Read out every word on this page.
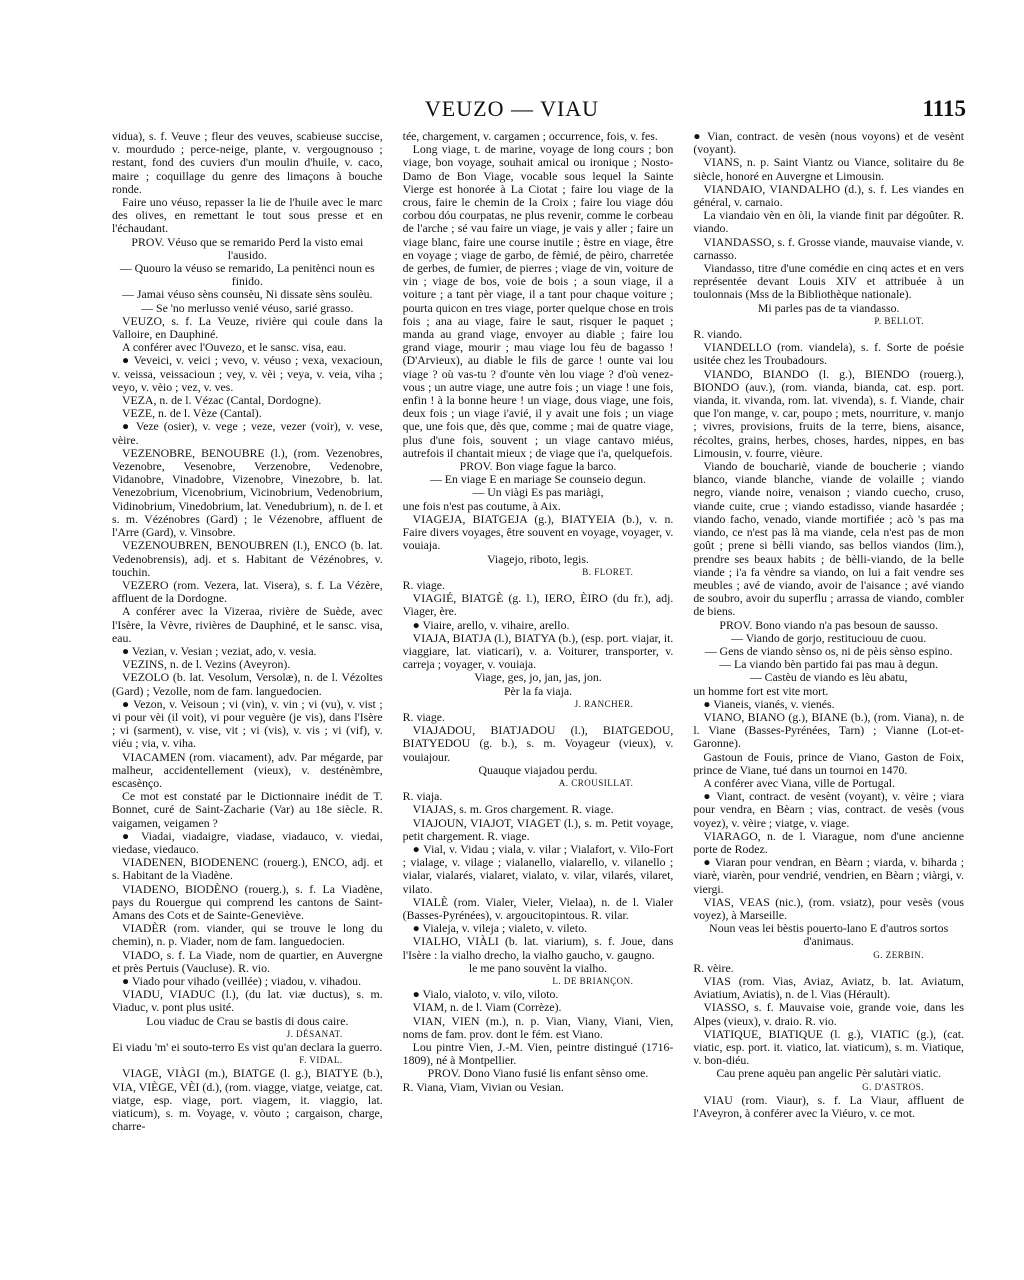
VEUZO — VIAU	1115

vidua), s. f. Veuve ; fleur des veuves, scabieuse succise, v. mourdudo ; perce-neige, plante, v. vergougnouso ; restant, fond des cuviers d'un moulin d'huile, v. caco, maire ; coquillage du genre des limaçons à bouche ronde.

Faire uno véuso, repasser la lie de l'huile avec le marc des olives, en remettant le tout sous presse et en l'échaudant.

PROV. Véuso que se remarido Perd la visto emai l'ausido.

— Quouro la véuso se remarido, La penitènci noun es finido.

— Jamai véuso sèns counsèu, Ni dissate sèns soulèu.

— Se 'no merlusso venié véuso, sarié grasso.

VEUZO, s. f. La Veuze, rivière qui coule dans la Valloire, en Dauphiné.

A conférer avec l'Ouvezo, et le sansc. visa, eau.

● Veveici, v. veici ; vevo, v. véuso ; vexa, vexacioun, v. veissa, veissacioun ; vey, v. vèi ; veya, v. veia, viha ; veyo, v. vèio ; vez, v. ves.

VEZA, n. de l. Vézac (Cantal, Dordogne).

VEZE, n. de l. Vèze (Cantal).

● Veze (osier), v. vege ; veze, vezer (voir), v. vese, vèire.

VEZENOBRE, BENOUBRE (l.), (rom. Vezenobres, Vezenobre, Vesenobre, Verzenobre, Vedenobre, Vidanobre, Vinadobre, Vizenobre, Vinezobre, b. lat. Venezobrium, Vicenobrium, Vicinobrium, Vedenobrium, Vidinobrium, Vinedobrium, lat. Venedubrium), n. de l. et s. m. Vézénobres (Gard) ; le Vézenobre, affluent de l'Arre (Gard), v. Vinsobre.

VEZENOUBREN, BENOUBREN (l.), ENCO (b. lat. Vedenobrensis), adj. et s. Habitant de Vézénobres, v. touchin.

VEZERO (rom. Vezera, lat. Visera), s. f. La Vézère, affluent de la Dordogne.

A conférer avec la Vizeraa, rivière de Suède, avec l'Isère, la Vèvre, rivières de Dauphiné, et le sansc. visa, eau.

● Vezian, v. Vesian ; veziat, ado, v. vesia.

VEZINS, n. de l. Vezins (Aveyron).

VEZOLO (b. lat. Vesolum, Versolæ), n. de l. Vézoltes (Gard) ; Vezolle, nom de fam. languedocien.

● Vezon, v. Veisoun ; vi (vin), v. vin ; vi (vu), v. vist ; vi pour vèi (il voit), vi pour veguère (je vis), dans l'Isère ; vi (sarment), v. vise, vit ; vi (vis), v. vis ; vi (vif), v. viéu ; via, v. viha.

VIACAMEN (rom. viacament), adv. Par mégarde, par malheur, accidentellement (vieux), v. desténèmbre, escasènço.

Ce mot est constaté par le Dictionnaire inédit de T. Bonnet, curé de Saint-Zacharie (Var) au 18e siècle. R. vaigamen, veigamen ?

● Viadai, viadaigre, viadase, viadauco, v. viedai, viedase, viedauco.

VIADENEN, BIODENENC (rouerg.), ENCO, adj. et s. Habitant de la Viadène.

VIADENO, BIODÈNO (rouerg.), s. f. La Viadène, pays du Rouergue qui comprend les cantons de Saint-Amans des Cots et de Sainte-Geneviève.

VIADÈR (rom. viander, qui se trouve le long du chemin), n. p. Viader, nom de fam. languedocien.

VIADO, s. f. La Viade, nom de quartier, en Auvergne et près Pertuis (Vaucluse). R. vio.

● Viado pour vihado (veillée) ; viadou, v. vihadou.

VIADU, VIADUC (l.), (du lat. viæ ductus), s. m. Viaduc, v. pont plus usité.

Lou viaduc de Crau se bastis di dous caire.

J. DÉSANAT.

Ei viadu 'm' ei souto-terro Es vist qu'an declara la guerro.

F. VIDAL.

VIAGE, VIÀGI (m.), BIATGE (l. g.), BIATYE (b.), VIA, VIÈGE, VÈI (d.), (rom. viagge, viatge, veiatge, cat. viatge, esp. viage, port. viagem, it. viaggio, lat. viaticum), s. m. Voyage, v. vòuto ; cargaison, charge, charre-

tée, chargement, v. cargamen ; occurrence, fois, v. fes.

Long viage, t. de marine, voyage de long cours ; bon viage, bon voyage, souhait amical ou ironique ; Nosto-Damo de Bon Viage, vocable sous lequel la Sainte Vierge est honorée à La Ciotat ; faire lou viage de la crous, faire le chemin de la Croix ; faire lou viage dóu corbou dóu courpatas, ne plus revenir, comme le corbeau de l'arche ; sé vau faire un viage, je vais y aller ; faire un viage blanc, faire une course inutile ; èstre en viage, être en voyage ; viage de garbo, de fèmié, de pèiro, charretée de gerbes, de fumier, de pierres ; viage de vin, voiture de vin ; viage de bos, voie de bois ; a soun viage, il a voiture ; a tant pèr viage, il a tant pour chaque voiture ; pourta quicon en tres viage, porter quelque chose en trois fois ; ana au viage, faire le saut, risquer le paquet ; manda au grand viage, envoyer au diable ; faire lou grand viage, mourir ; mau viage lou fèu de bagasso ! (D'Arvieux), au diable le fils de garce ! ounte vai lou viage ? où vas-tu ? d'ounte vèn lou viage ? d'où venez-vous ; un autre viage, une autre fois ; un viage ! une fois, enfin ! à la bonne heure ! un viage, dous viage, une fois, deux fois ; un viage i'avié, il y avait une fois ; un viage que, une fois que, dès que, comme ; mai de quatre viage, plus d'une fois, souvent ; un viage cantavo miéus, autrefois il chantait mieux ; de viage que i'a, quelquefois.

PROV. Bon viage fague la barco.

— En viage E en mariage Se counseio degun.

— Un viàgi Es pas mariàgi,

une fois n'est pas coutume, à Aix.

VIAGEJA, BIATGEJA (g.), BIATYEIA (b.), v. n. Faire divers voyages, être souvent en voyage, voyager, v. vouiaja.

Viagejo, riboto, legis.

B. FLORET.

R. viage.

VIAGIÉ, BIATGÈ (g. l.), IERO, ÈIRO (du fr.), adj. Viager, ère.

● Viaire, arello, v. vihaire, arello.

VIAJA, BIATJA (l.), BIATYA (b.), (esp. port. viajar, it. viaggiare, lat. viaticari), v. a. Voiturer, transporter, v. carreja ; voyager, v. vouiaja.

Viage, ges, jo, jan, jas, jon.

Pèr la fa viaja.

J. RANCHER.

R. viage.

VIAJADOU, BIATJADOU (l.), BIATGEDOU, BIATYEDOU (g. b.), s. m. Voyageur (vieux), v. vouiajour.

Quauque viajadou perdu.

A. CROUSILLAT.

R. viaja.

VIAJAS, s. m. Gros chargement. R. viage.

VIAJOUN, VIAJOT, VIAGET (l.), s. m. Petit voyage, petit chargement. R. viage.

● Vial, v. Vidau ; viala, v. vilar ; Vialafort, v. Vilo-Fort ; vialage, v. vilage ; vialanello, vialarello, v. vilanello ; vialar, vialarés, vialaret, vialato, v. vilar, vilarés, vilaret, vilato.

VIALÈ (rom. Vialer, Vieler, Vielaa), n. de l. Vialer (Basses-Pyrénées), v. argoucitopintous. R. vilar.

● Vialeja, v. vileja ; vialeto, v. vileto.

VIALHO, VIÀLI (b. lat. viarium), s. f. Joue, dans l'Isère : la vialho drecho, la vialho gaucho, v. gaugno.

le me pano souvènt la vialho.

L. DE BRIANÇON.

● Vialo, vialoto, v. vilo, viloto.

VIAM, n. de l. Viam (Corrèze).

VIAN, VIEN (m.), n. p. Vian, Viany, Viani, Vien, noms de fam. prov. dont le fém. est Viano.

Lou pintre Vien, J.-M. Vien, peintre distingué (1716-1809), né à Montpellier.

PROV. Dono Viano fusié lis enfant sènso ome.

R. Viana, Viam, Vivian ou Vesian.

● Vian, contract. de vesèn (nous voyons) et de vesènt (voyant).

VIANS, n. p. Saint Viantz ou Viance, solitaire du 8e siècle, honoré en Auvergne et Limousin.

VIANDAIO, VIANDALHO (d.), s. f. Les viandes en général, v. carnaio.

La viandaio vèn en òli, la viande finit par dégoûter. R. viando.

VIANDASSO, s. f. Grosse viande, mauvaise viande, v. carnasso.

Viandasso, titre d'une comédie en cinq actes et en vers représentée devant Louis XIV et attribuée à un toulonnais (Mss de la Bibliothèque nationale).

Mi parles pas de ta viandasso.

P. BELLOT.

R. viando.

VIANDELLO (rom. viandela), s. f. Sorte de poésie usitée chez les Troubadours.

VIANDO, BIANDO (l. g.), BIENDO (rouerg.), BIONDO (auv.), (rom. vianda, bianda, cat. esp. port. vianda, it. vivanda, rom. lat. vivenda), s. f. Viande, chair que l'on mange, v. car, poupo ; mets, nourriture, v. manjo ; vivres, provisions, fruits de la terre, biens, aisance, récoltes, grains, herbes, choses, hardes, nippes, en bas Limousin, v. fourre, vièure.

Viando de bouchariè, viande de boucherie ; viando blanco, viande blanche, viande de volaille ; viando negro, viande noire, venaison ; viando cuecho, cruso, viande cuite, crue ; viando estadisso, viande hasardée ; viando facho, venado, viande mortifiée ; acò 's pas ma viando, ce n'est pas là ma viande, cela n'est pas de mon goût ; prene si bèlli viando, sas bellos viandos (lim.), prendre ses beaux habits ; de bèlli-viando, de la belle viande ; i'a fa vèndre sa viando, on lui a fait vendre ses meubles ; avé de viando, avoir de l'aisance ; avé viando de soubro, avoir du superflu ; arrassa de viando, combler de biens.

PROV. Bono viando n'a pas besoun de sausso.

— Viando de gorjo, restituciouu de cuou.

— Gens de viando sènso os, ni de pèis sènso espino.

— La viando bèn partido fai pas mau à degun.

— Castèu de viando es lèu abatu,

un homme fort est vite mort.

● Vianeis, vianés, v. vienés.

VIANO, BIANO (g.), BIANE (b.), (rom. Viana), n. de l. Viane (Basses-Pyrénées, Tarn) ; Vianne (Lot-et-Garonne).

Gastoun de Fouis, prince de Viano, Gaston de Foix, prince de Viane, tué dans un tournoi en 1470.

A conférer avec Viana, ville de Portugal.

● Viant, contract. de vesènt (voyant), v. vèire ; viara pour vendra, en Bèarn ; vias, contract. de vesès (vous voyez), v. vèire ; viatge, v. viage.

VIARAGO, n. de l. Viarague, nom d'une ancienne porte de Rodez.

● Viaran pour vendran, en Bèarn ; viarda, v. biharda ; viarè, viarèn, pour vendrié, vendrien, en Bèarn ; viàrgi, v. viergi.

VIAS, VEAS (nic.), (rom. vsiatz), pour vesès (vous voyez), à Marseille.

Noun veas lei bèstis pouerto-lano E d'autros sortos d'animaus.

G. ZERBIN.

R. vèire.

VIAS (rom. Vias, Aviaz, Aviatz, b. lat. Aviatum, Aviatium, Aviatis), n. de l. Vias (Hérault).

VIASSO, s. f. Mauvaise voie, grande voie, dans les Alpes (vieux), v. draio. R. vio.

VIATIQUE, BIATIQUE (l. g.), VIATIC (g.), (cat. viatic, esp. port. it. viatico, lat. viaticum), s. m. Viatique, v. bon-diéu.

Cau prene aquèu pan angelic Pèr salutàri viatic.

G. D'ASTROS.

VIAU (rom. Viaur), s. f. La Viaur, affluent de l'Aveyron, à conférer avec la Viéuro, v. ce mot.
